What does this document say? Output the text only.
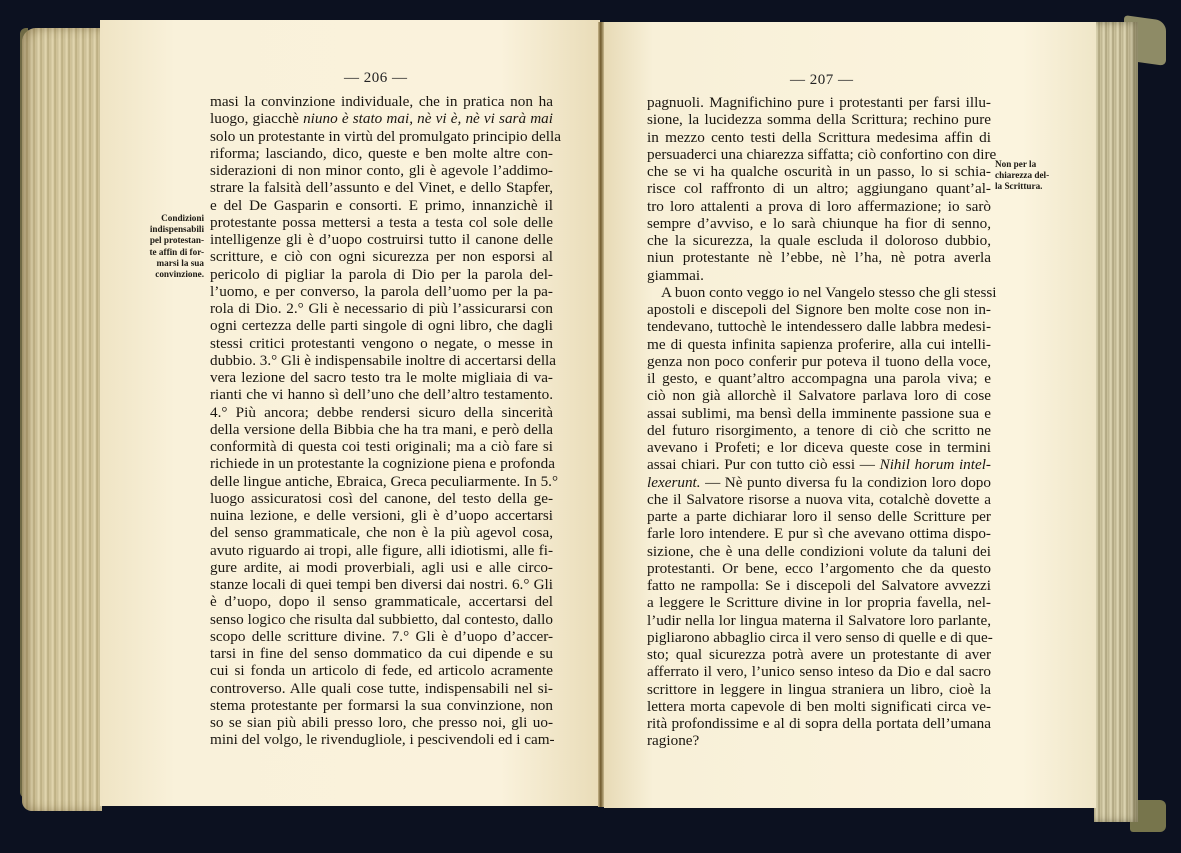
— 206 —
Condizioni
indispensabili
pel protestan-
te affin di for-
marsi la sua
convinzione.
masi la convinzione individuale, che in pratica non ha
luogo, giacchè niuno è stato mai, nè vi è, nè vi sarà mai
solo un protestante in virtù del promulgato principio della
riforma; lasciando, dico, queste e ben molte altre con-
siderazioni di non minor conto, gli è agevole l’addimo-
strare la falsità dell’assunto e del Vinet, e dello Stapfer,
e del De Gasparin e consorti. E primo, innanzichè il
protestante possa mettersi a testa a testa col sole delle
intelligenze gli è d’uopo costruirsi tutto il canone delle
scritture, e ciò con ogni sicurezza per non esporsi al
pericolo di pigliar la parola di Dio per la parola del-
l’uomo, e per converso, la parola dell’uomo per la pa-
rola di Dio. 2.° Gli è necessario di più l’assicurarsi con
ogni certezza delle parti singole di ogni libro, che dagli
stessi critici protestanti vengono o negate, o messe in
dubbio. 3.° Gli è indispensabile inoltre di accertarsi della
vera lezione del sacro testo tra le molte migliaia di va-
rianti che vi hanno sì dell’uno che dell’altro testamento.
4.° Più ancora; debbe rendersi sicuro della sincerità
della versione della Bibbia che ha tra mani, e però della
conformità di questa coi testi originali; ma a ciò fare si
richiede in un protestante la cognizione piena e profonda
delle lingue antiche, Ebraica, Greca peculiarmente. In 5.°
luogo assicuratosi così del canone, del testo della ge-
nuina lezione, e delle versioni, gli è d’uopo accertarsi
del senso grammaticale, che non è la più agevol cosa,
avuto riguardo ai tropi, alle figure, alli idiotismi, alle fi-
gure ardite, ai modi proverbiali, agli usi e alle circo-
stanze locali di quei tempi ben diversi dai nostri. 6.° Gli
è d’uopo, dopo il senso grammaticale, accertarsi del
senso logico che risulta dal subbietto, dal contesto, dallo
scopo delle scritture divine. 7.° Gli è d’uopo d’accer-
tarsi in fine del senso dommatico da cui dipende e su
cui si fonda un articolo di fede, ed articolo acramente
controverso. Alle quali cose tutte, indispensabili nel si-
stema protestante per formarsi la sua convinzione, non
so se sian più abili presso loro, che presso noi, gli uo-
mini del volgo, le rivendugliole, i pescivendoli ed i cam-
— 207 —
pagnuoli. Magnifichino pure i protestanti per farsi illu-
sione, la lucidezza somma della Scrittura; rechino pure
in mezzo cento testi della Scrittura medesima affin di
persuaderci una chiarezza siffatta; ciò confortino con dire
che se vi ha qualche oscurità in un passo, lo si schia-
risce col raffronto di un altro; aggiungano quant’al-
tro loro attalenti a prova di loro affermazione; io sarò
sempre d’avviso, e lo sarà chiunque ha fior di senno,
che la sicurezza, la quale escluda il doloroso dubbio,
niun protestante nè l’ebbe, nè l’ha, nè potra averla
giammai.
A buon conto veggo io nel Vangelo stesso che gli stessi
apostoli e discepoli del Signore ben molte cose non in-
tendevano, tuttochè le intendessero dalle labbra medesi-
me di questa infinita sapienza proferire, alla cui intelli-
genza non poco conferir pur poteva il tuono della voce,
il gesto, e quant’altro accompagna una parola viva; e
ciò non già allorchè il Salvatore parlava loro di cose
assai sublimi, ma bensì della imminente passione sua e
del futuro risorgimento, a tenore di ciò che scritto ne
avevano i Profeti; e lor diceva queste cose in termini
assai chiari. Pur con tutto ciò essi — Nihil horum intel-
lexerunt. — Nè punto diversa fu la condizion loro dopo
che il Salvatore risorse a nuova vita, cotalchè dovette a
parte a parte dichiarar loro il senso delle Scritture per
farle loro intendere. E pur sì che avevano ottima dispo-
sizione, che è una delle condizioni volute da taluni dei
protestanti. Or bene, ecco l’argomento che da questo
fatto ne rampolla: Se i discepoli del Salvatore avvezzi
a leggere le Scritture divine in lor propria favella, nel-
l’udir nella lor lingua materna il Salvatore loro parlante,
pigliarono abbaglio circa il vero senso di quelle e di que-
sto; qual sicurezza potrà avere un protestante di aver
afferrato il vero, l’unico senso inteso da Dio e dal sacro
scrittore in leggere in lingua straniera un libro, cioè la
lettera morta capevole di ben molti significati circa ve-
rità profondissime e al di sopra della portata dell’umana
ragione?
Non per la
chiarezza del-
la Scrittura.
